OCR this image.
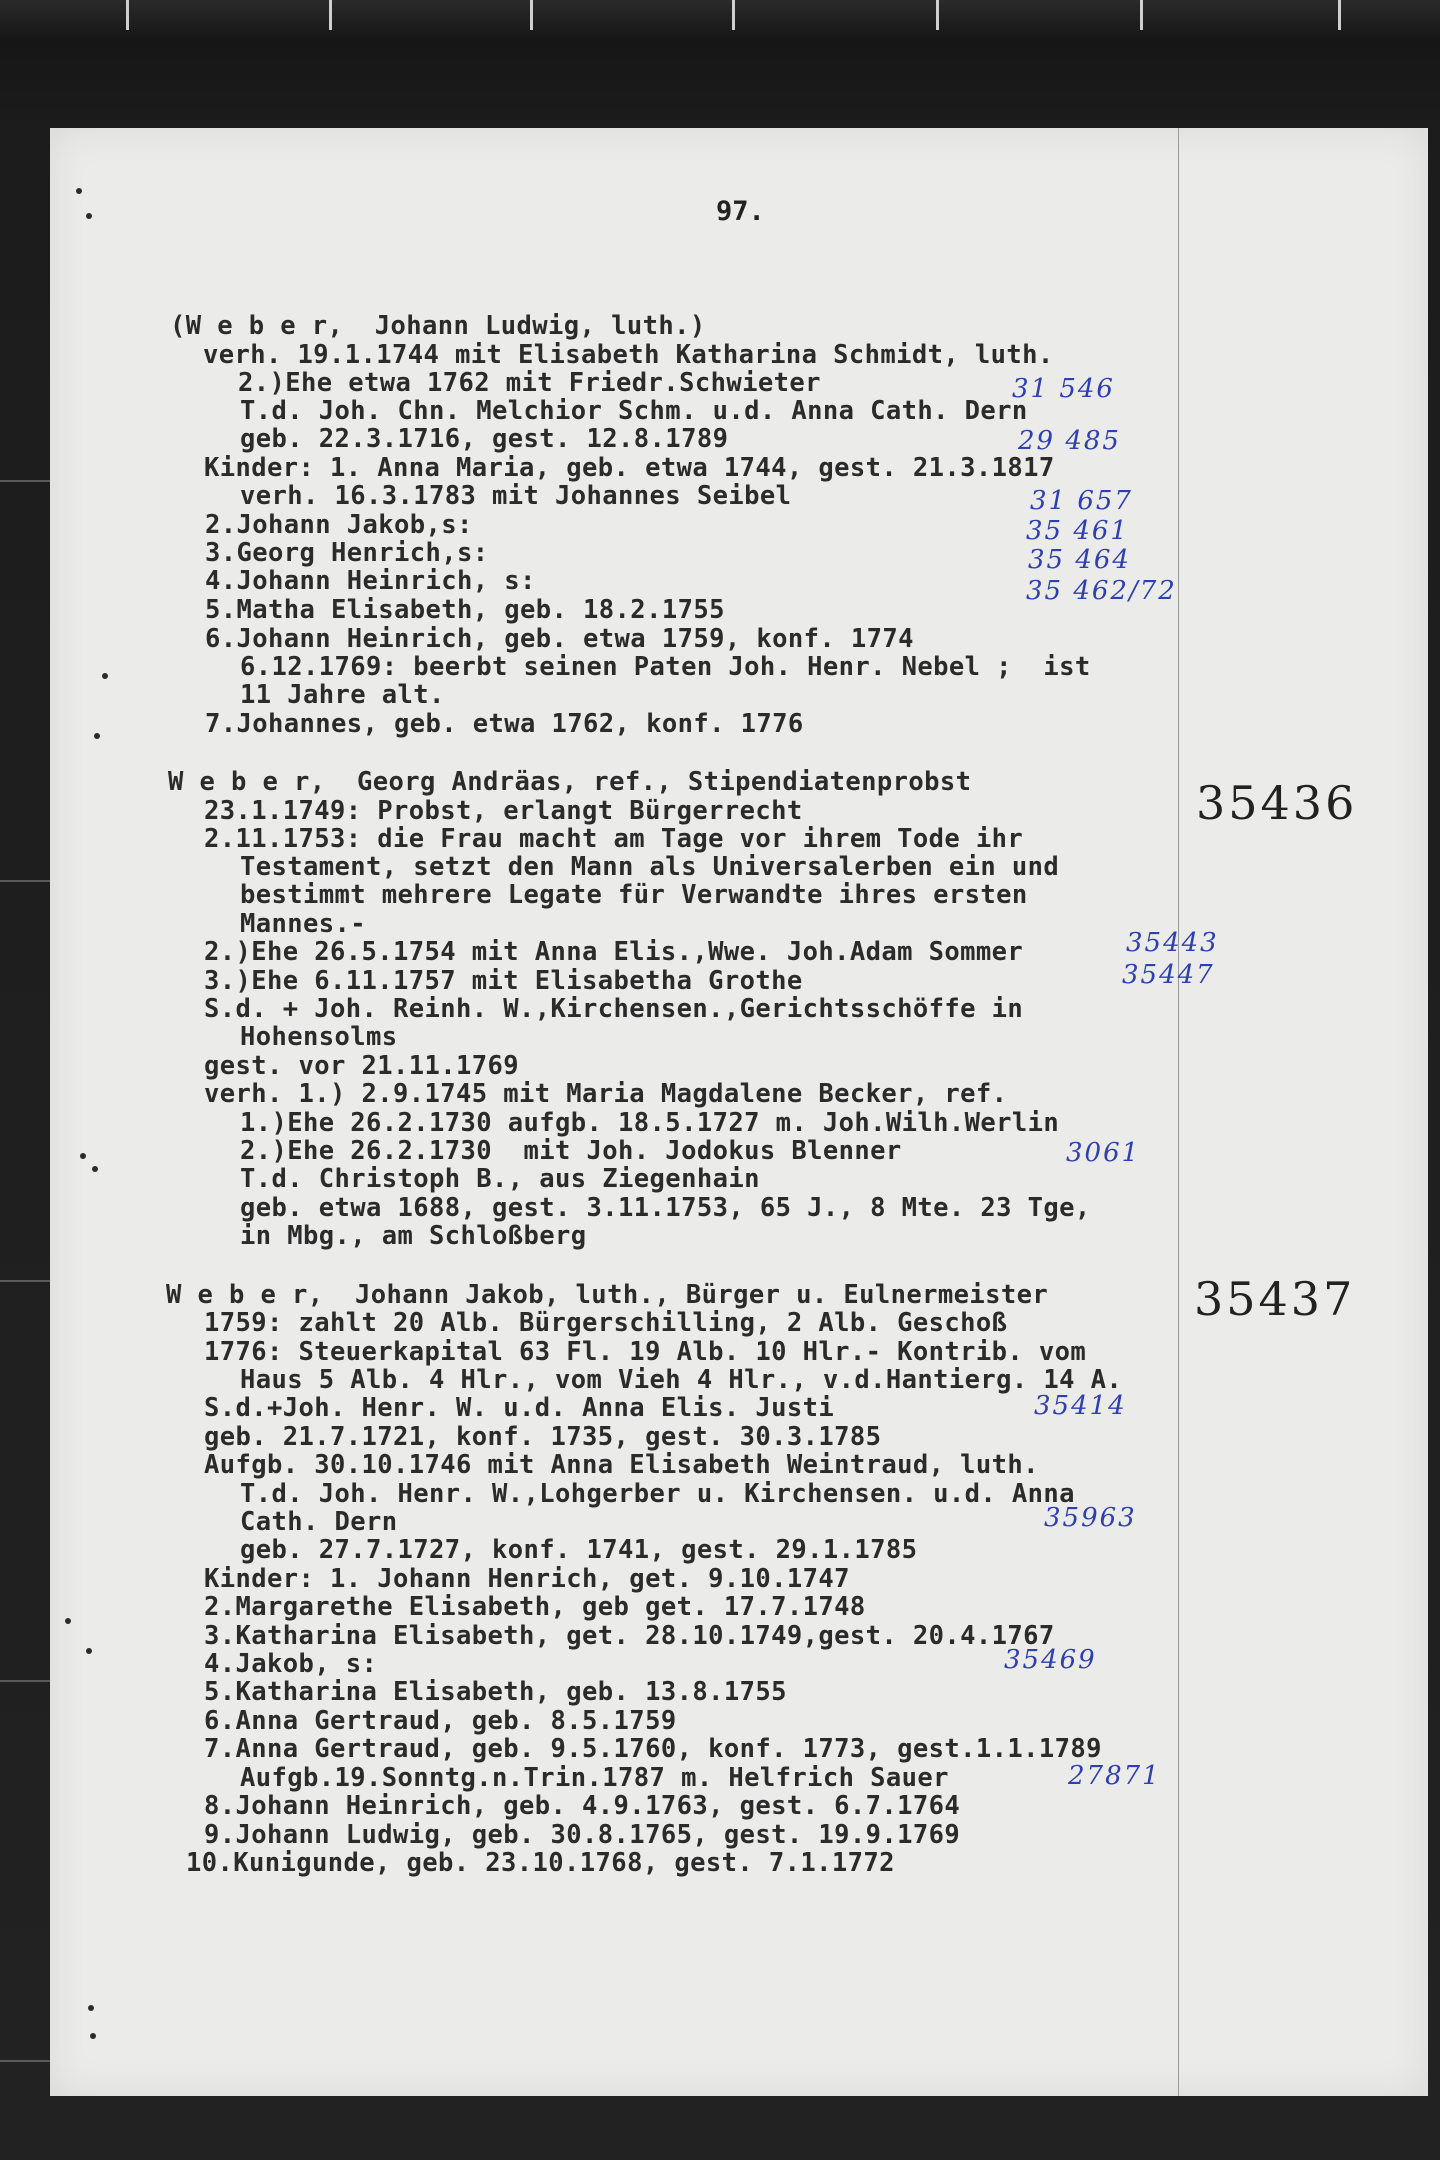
97.

(W e b e r,  Johann Ludwig, luth.)

verh. 19.1.1744 mit Elisabeth Katharina Schmidt, luth.

2.)Ehe etwa 1762 mit Friedr.Schwieter

T.d. Joh. Chn. Melchior Schm. u.d. Anna Cath. Dern

geb. 22.3.1716, gest. 12.8.1789

Kinder: 1. Anna Maria, geb. etwa 1744, gest. 21.3.1817

verh. 16.3.1783 mit Johannes Seibel

2.Johann Jakob,s:

3.Georg Henrich,s:

4.Johann Heinrich, s:

5.Matha Elisabeth, geb. 18.2.1755

6.Johann Heinrich, geb. etwa 1759, konf. 1774

6.12.1769: beerbt seinen Paten Joh. Henr. Nebel ;  ist

11 Jahre alt.

7.Johannes, geb. etwa 1762, konf. 1776

W e b e r,  Georg Andräas, ref., Stipendiatenprobst

23.1.1749: Probst, erlangt Bürgerrecht

2.11.1753: die Frau macht am Tage vor ihrem Tode ihr

Testament, setzt den Mann als Universalerben ein und

bestimmt mehrere Legate für Verwandte ihres ersten

Mannes.-

2.)Ehe 26.5.1754 mit Anna Elis.,Wwe. Joh.Adam Sommer

3.)Ehe 6.11.1757 mit Elisabetha Grothe

S.d. + Joh. Reinh. W.,Kirchensen.,Gerichtsschöffe in

Hohensolms

gest. vor 21.11.1769

verh. 1.) 2.9.1745 mit Maria Magdalene Becker, ref.

1.)Ehe 26.2.1730 aufgb. 18.5.1727 m. Joh.Wilh.Werlin

2.)Ehe 26.2.1730  mit Joh. Jodokus Blenner

T.d. Christoph B., aus Ziegenhain

geb. etwa 1688, gest. 3.11.1753, 65 J., 8 Mte. 23 Tge,

in Mbg., am Schloßberg

W e b e r,  Johann Jakob, luth., Bürger u. Eulnermeister

1759: zahlt 20 Alb. Bürgerschilling, 2 Alb. Geschoß

1776: Steuerkapital 63 Fl. 19 Alb. 10 Hlr.- Kontrib. vom

Haus 5 Alb. 4 Hlr., vom Vieh 4 Hlr., v.d.Hantierg. 14 A.

S.d.+Joh. Henr. W. u.d. Anna Elis. Justi

geb. 21.7.1721, konf. 1735, gest. 30.3.1785

Aufgb. 30.10.1746 mit Anna Elisabeth Weintraud, luth.

T.d. Joh. Henr. W.,Lohgerber u. Kirchensen. u.d. Anna

Cath. Dern

geb. 27.7.1727, konf. 1741, gest. 29.1.1785

Kinder: 1. Johann Henrich, get. 9.10.1747

2.Margarethe Elisabeth, geb get. 17.7.1748

3.Katharina Elisabeth, get. 28.10.1749,gest. 20.4.1767

4.Jakob, s:

5.Katharina Elisabeth, geb. 13.8.1755

6.Anna Gertraud, geb. 8.5.1759

7.Anna Gertraud, geb. 9.5.1760, konf. 1773, gest.1.1.1789

Aufgb.19.Sonntg.n.Trin.1787 m. Helfrich Sauer

8.Johann Heinrich, geb. 4.9.1763, gest. 6.7.1764

9.Johann Ludwig, geb. 30.8.1765, gest. 19.9.1769

10.Kunigunde, geb. 23.10.1768, gest. 7.1.1772

35436
35437
31 546
29 485
31 657
35 461
35 464
35 462/72
35443
35447
3061
35414
35963
35469
27871
